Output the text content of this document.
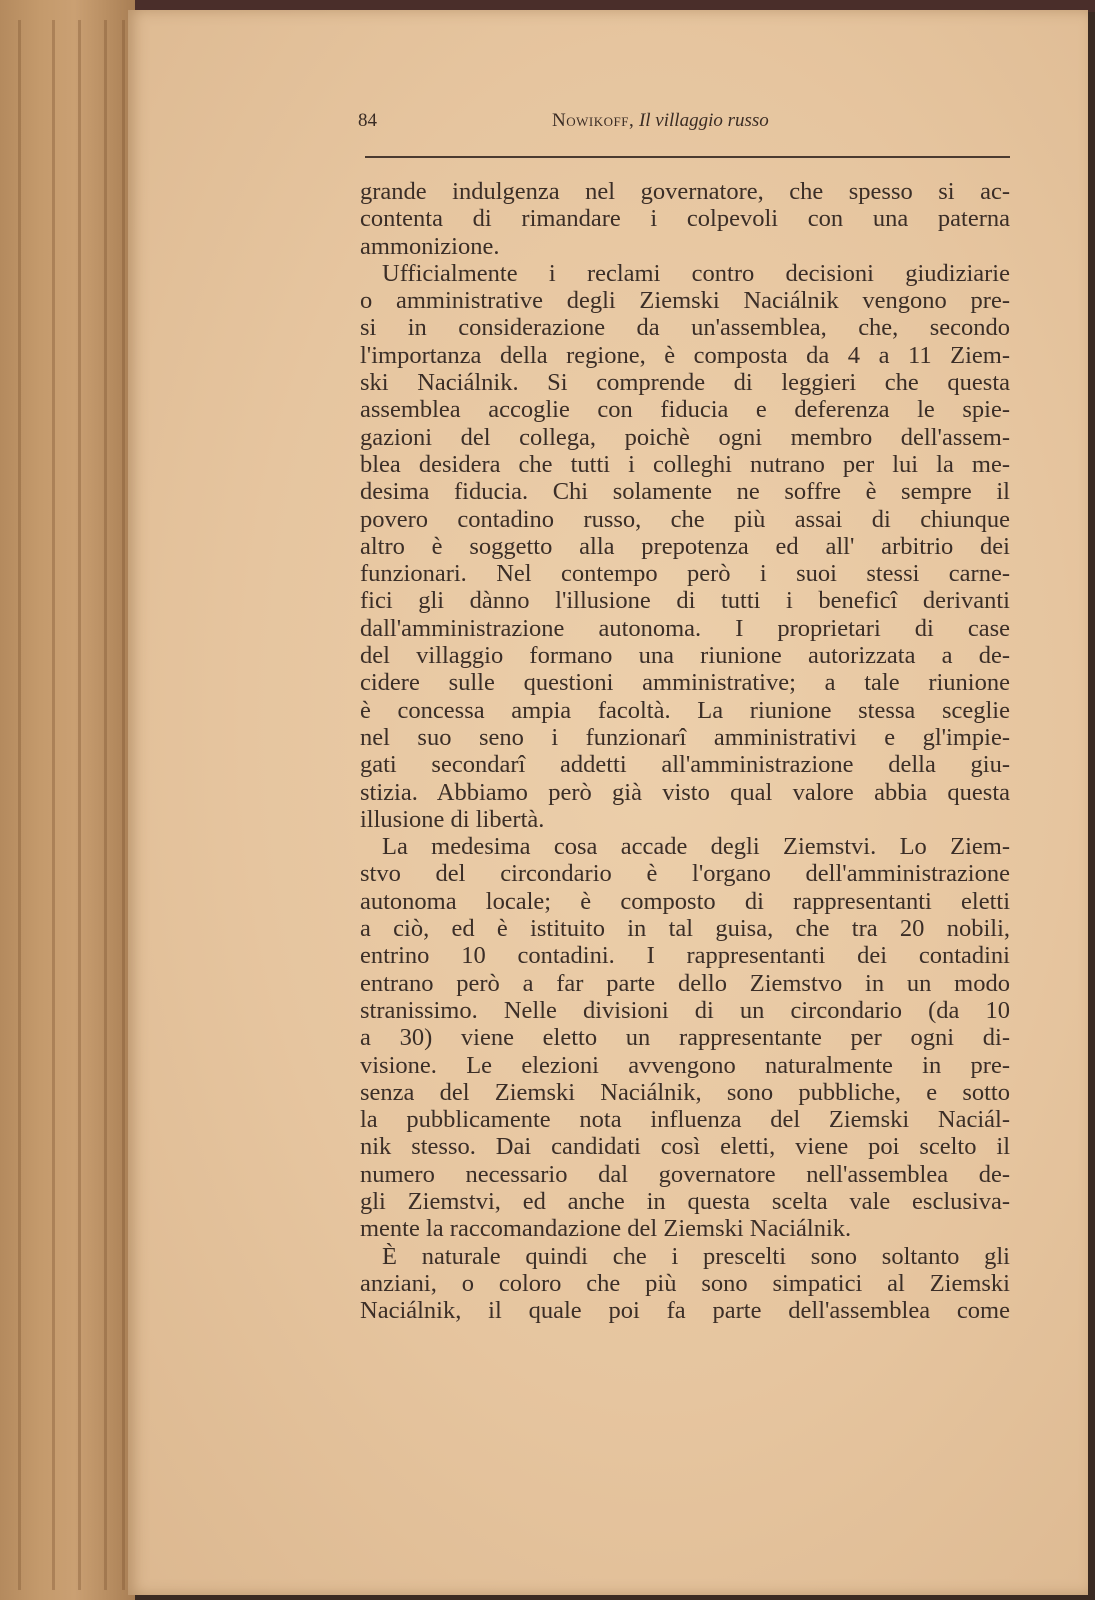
84	Nowikoff, Il villaggio russo
grande indulgenza nel governatore, che spesso si ac-
contenta di rimandare i colpevoli con una paterna
ammonizione.
Ufficialmente i reclami contro decisioni giudiziarie
o amministrative degli Ziemski Naciálnik vengono pre-
si in considerazione da un'assemblea, che, secondo
l'importanza della regione, è composta da 4 a 11 Ziem-
ski Naciálnik. Si comprende di leggieri che questa
assemblea accoglie con fiducia e deferenza le spie-
gazioni del collega, poichè ogni membro dell'assem-
blea desidera che tutti i colleghi nutrano per lui la me-
desima fiducia. Chi solamente ne soffre è sempre il
povero contadino russo, che più assai di chiunque
altro è soggetto alla prepotenza ed all' arbitrio dei
funzionari. Nel contempo però i suoi stessi carne-
fici gli dànno l'illusione di tutti i beneficî derivanti
dall'amministrazione autonoma. I proprietari di case
del villaggio formano una riunione autorizzata a de-
cidere sulle questioni amministrative; a tale riunione
è concessa ampia facoltà. La riunione stessa sceglie
nel suo seno i funzionarî amministrativi e gl'impie-
gati secondarî addetti all'amministrazione della giu-
stizia. Abbiamo però già visto qual valore abbia questa
illusione di libertà.
La medesima cosa accade degli Ziemstvi. Lo Ziem-
stvo del circondario è l'organo dell'amministrazione
autonoma locale; è composto di rappresentanti eletti
a ciò, ed è istituito in tal guisa, che tra 20 nobili,
entrino 10 contadini. I rappresentanti dei contadini
entrano però a far parte dello Ziemstvo in un modo
stranissimo. Nelle divisioni di un circondario (da 10
a 30) viene eletto un rappresentante per ogni di-
visione. Le elezioni avvengono naturalmente in pre-
senza del Ziemski Naciálnik, sono pubbliche, e sotto
la pubblicamente nota influenza del Ziemski Naciál-
nik stesso. Dai candidati così eletti, viene poi scelto il
numero necessario dal governatore nell'assemblea de-
gli Ziemstvi, ed anche in questa scelta vale esclusiva-
mente la raccomandazione del Ziemski Naciálnik.
È naturale quindi che i prescelti sono soltanto gli
anziani, o coloro che più sono simpatici al Ziemski
Naciálnik, il quale poi fa parte dell'assemblea come
